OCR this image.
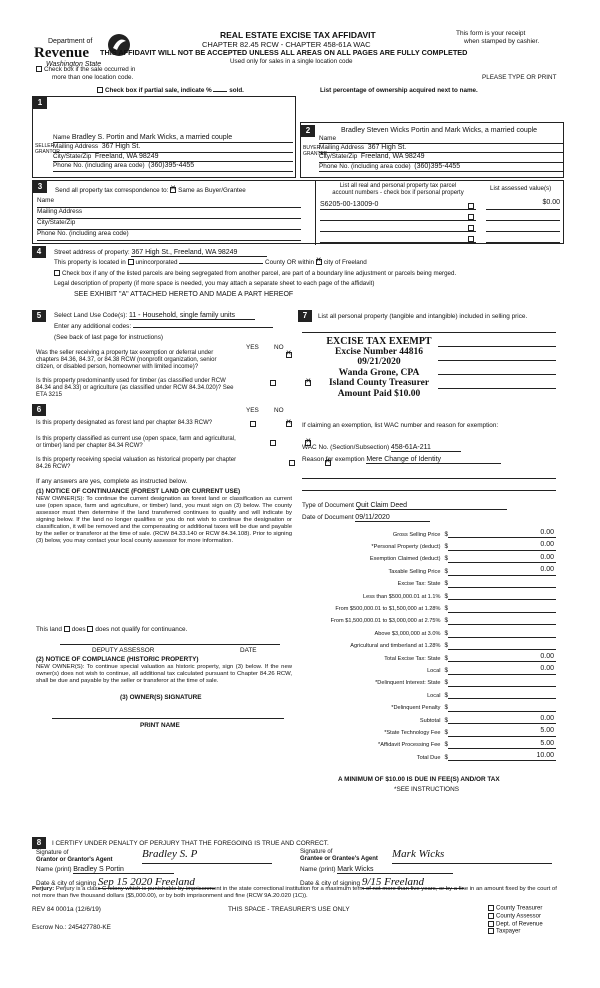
Department of
Revenue
Washington State
REAL ESTATE EXCISE TAX AFFIDAVIT
CHAPTER 82.45 RCW - CHAPTER 458-61A WAC
This form is your receipt
when stamped by cashier.
THIS AFFIDAVIT WILL NOT BE ACCEPTED UNLESS ALL AREAS ON ALL PAGES ARE FULLY COMPLETED
Used only for sales in a single location code
Check box if the sale occurred in
more than one location code.	PLEASE TYPE OR PRINT
Check box if partial sale, indicate %	sold.	List percentage of ownership acquired next to name.
1
SELLER GRANTOR
Name Bradley S. Portin and Mark Wicks, a married couple
Mailing Address 367 High St.
City/State/Zip Freeland, WA 98249
Phone No. (including area code) (360)395-4455
2
BUYER GRANTEE
Bradley Steven Wicks Portin and Mark Wicks, a married couple
Name
Mailing Address 367 High St.
City/State/Zip Freeland, WA 98249
Phone No. (including area code) (360)395-4455
3	Send all property tax correspondence to: ✕ Same as Buyer/Grantee
Name
Mailing Address
City/State/Zip
Phone No. (including area code)
List all real and personal property tax parcel
account numbers - check box if personal property
List assessed value(s)
S6205-00-13009-0	$0.00
4	Street address of property: 367 High St., Freeland, WA 98249
This property is located in unincorporated	County OR within ✕ city of Freeland
Check box if any of the listed parcels are being segregated from another parcel, are part of a boundary line adjustment or parcels being merged.
Legal description of property (if more space is needed, you may attach a separate sheet to each page of the affidavit)
SEE EXHIBIT "A" ATTACHED HERETO AND MADE A PART HEREOF
5	Select Land Use Code(s): 11 - Household, single family units
Enter any additional codes:
(See back of last page for instructions)
YES NO
Was the seller receiving a property tax exemption or deferral under chapters 84.36, 84.37, or 84.38 RCW (nonprofit organization, senior citizen, or disabled person, homeowner with limited income)?
✕
Is this property predominantly used for timber (as classified under RCW 84.34 and 84.33) or agriculture (as classified under RCW 84.34.020)? See ETA 3215
✕
6	YES NO
Is this property designated as forest land per chapter 84.33 RCW?
✕
Is this property classified as current use (open space, farm and agricultural, or timber) land per chapter 84.34 RCW?
✕
Is this property receiving special valuation as historical property per chapter 84.26 RCW?
✕
If any answers are yes, complete as instructed below.
(1) NOTICE OF CONTINUANCE (FOREST LAND OR CURRENT USE)
NEW OWNER(S): To continue the current designation as forest land or classification as current use (open space, farm and agriculture, or timber) land, you must sign on (3) below. The county assessor must then determine if the land transferred continues to qualify and will indicate by signing below. If the land no longer qualifies or you do not wish to continue the designation or classification, it will be removed and the compensating or additional taxes will be due and payable by the seller or transferor at the time of sale. (RCW 84.33.140 or RCW 84.34.108). Prior to signing (3) below, you may contact your local county assessor for more information.
This land does does not qualify for continuance.
DEPUTY ASSESSOR	DATE
(2) NOTICE OF COMPLIANCE (HISTORIC PROPERTY)
NEW OWNER(S): To continue special valuation as historic property, sign (3) below. If the new owner(s) does not wish to continue, all additional tax calculated pursuant to Chapter 84.26 RCW, shall be due and payable by the seller or transferor at the time of sale.
(3) OWNER(S) SIGNATURE
PRINT NAME
7	List all personal property (tangible and intangible) included in selling price.
EXCISE TAX EXEMPT
Excise Number 44816
09/21/2020
Wanda Grone, CPA
Island County Treasurer
Amount Paid $10.00
If claiming an exemption, list WAC number and reason for exemption:
WAC No. (Section/Subsection) 458-61A-211
Reason for exemption Mere Change of Identity
Type of Document Quit Claim Deed
Date of Document 09/11/2020
Gross Selling Price $	0.00
*Personal Property (deduct) $	0.00
Exemption Claimed (deduct) $	0.00
Taxable Selling Price $	0.00
Excise Tax: State $
Less than $500,000.01 at 1.1% $
From $500,000.01 to $1,500,000 at 1.28% $
From $1,500,000.01 to $3,000,000 at 2.75% $
Above $3,000,000 at 3.0% $
Agricultural and timberland at 1.28% $
Total Excise Tax: State $	0.00
Local $	0.00
*Delinquent Interest: State $
Local $
*Delinquent Penalty $
Subtotal $	0.00
*State Technology Fee $	5.00
*Affidavit Processing Fee $	5.00
Total Due $	10.00
A MINIMUM OF $10.00 IS DUE IN FEE(S) AND/OR TAX
*SEE INSTRUCTIONS
8	I CERTIFY UNDER PENALTY OF PERJURY THAT THE FOREGOING IS TRUE AND CORRECT.
Signature of
Grantor or Grantor's Agent
Bradley S. P
Name (print) Bradley S Portin
Date & city of signing Sep 15 2020 Freeland
Signature of
Grantee or Grantee's Agent Mark Wicks
Name (print) Mark Wicks
Date & city of signing 9/15 Freeland
Perjury: Perjury is a class C felony which is punishable by imprisonment in the state correctional institution for a maximum term of not more than five years, or by a fine in an amount fixed by the court of not more than five thousand dollars ($5,000.00), or by both imprisonment and fine (RCW 9A.20.020 (1C)).
REV 84 0001a (12/6/19)	THIS SPACE - TREASURER'S USE ONLY
Escrow No.: 245427780-KE
County Treasurer
County Assessor
Dept. of Revenue
Taxpayer
